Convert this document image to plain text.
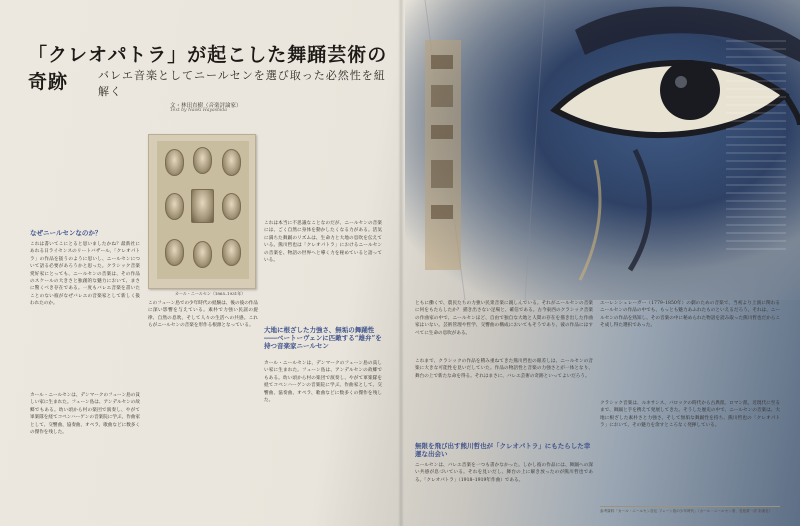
「クレオパトラ」が起こした舞踊芸術の奇跡	バレエ音楽としてニールセンを選び取った必然性を紐解く
文・林田直樹（音楽評論家）
Text by Naoki Hayashida
カール・ニールセン（1865–1931年）
なぜニールセンなのか？
これは書いてこにとると思いましたかね？最新社にあれる日ライセンスのリートバザール、「クレオパトラ」の作品を扱うのように思いし、ニールセンについて語る必要があろうかと思った。クラシック音楽愛好家にとっても、ニールセンの音楽は、その作品のスケールの大きさと独創的な魅力において、まさに驚くべき存在である。一度もバレエ音楽を書いたことのない彼がなぜバレエの音楽家として新しく扱われたのか。
カール・ニールセンは、デンマークのフューン島の貧しい家に生まれた。フューン島は、アンデルセンの故郷でもある。幼い頃から村の楽団で演奏し、やがて軍楽隊を経てコペンハーゲンの音楽院に学ぶ。作曲家として、交響曲、協奏曲、オペラ、歌曲などに数多くの傑作を残した。
このフューン島での少年時代の経験は、後の彼の作品に深い影響を与えている。素朴で力強い民謡の旋律、自然の息吹、そして人々の生活への共感。これらがニールセンの音楽を形作る根源となっている。
これは本当に不思議なことなのだが、ニールセンの音楽には、ごく自然に身体を動かしたくなる力がある。活気に満ちた舞踊のリズムは、生命力と大地の息吹を伝えている。熊川哲也は「クレオパトラ」におけるニールセンの音楽を、物語の世界へと導く力を秘めていると語っている。
大地に根ざした力強さ、無垢の舞踊性――ベートーヴェンに匹敵する“雄弁”を持つ音楽家ニールセン
カール・ニールセンは、デンマークのフューン島の貧しい家に生まれた。フューン島は、アンデルセンの故郷でもある。幼い頃から村の楽団で演奏し、やがて軍楽隊を経てコペンハーゲンの音楽院に学ぶ。作曲家として、交響曲、協奏曲、オペラ、歌曲などに数多くの傑作を残した。
ともに働くで、農民たちの力強い民衆音楽に親しんでいる。それがニールセンの音楽に何をもたらしたか？ 描き出さない足場と、確信である。古今東西のクラシック音楽の作曲家の中で、ニールセンほど、自由で独自な大地と人間の存在を描き出した作曲家はいない。芸術管理や哲学、交響曲の構成においてもそうであり、彼の作品にはすべてに生命の息吹がある。
これまで、クラシックの作品を積み重ねてきた熊川哲也の眼差しは、ニールセンの音楽に大きな可能性を見いだしていた。作品の物語性と音楽の力強さとが一体となり、舞台の上で新たな命を得る。それはまさに、バレエ芸術の奇跡といってよいだろう。
無限を飛び出す熊川哲也が「クレオパトラ」にもたらした幸運な出会い
ニールセンは、バレエ音楽を一つも書かなかった。しかし彼の作品には、舞踊への深い共感が息づいている。それを見いだし、舞台の上に解き放ったのが熊川哲也である。「クレオパトラ」（1918–1919年作曲）である。
エーレンシュレーガー（1779–1850年）の劇のための音楽で、当初より上演に関わるニールセンの作品の中でも、もっとも魅力あふれたものといえるだろう。それは、ニールセンの作品を熟知し、その音楽の中に秘められた物語を読み取った熊川哲也だからこそ成し得た選択であった。
クラシック音楽は、ルネサンス、バロックの時代から古典派、ロマン派、近現代に至るまで、舞踊と手を携えて発展してきた。そうした歴史の中で、ニールセンの音楽は、大地に根ざした素朴さと力強さ、そして無垢な舞踊性を持ち、熊川哲也の「クレオパトラ」において、その魅力を余すところなく発揮している。
参考資料「カール・ニールセン自伝 フューン島の少年時代」（カール・ニールセン著、長島要一訳 彩流社）
